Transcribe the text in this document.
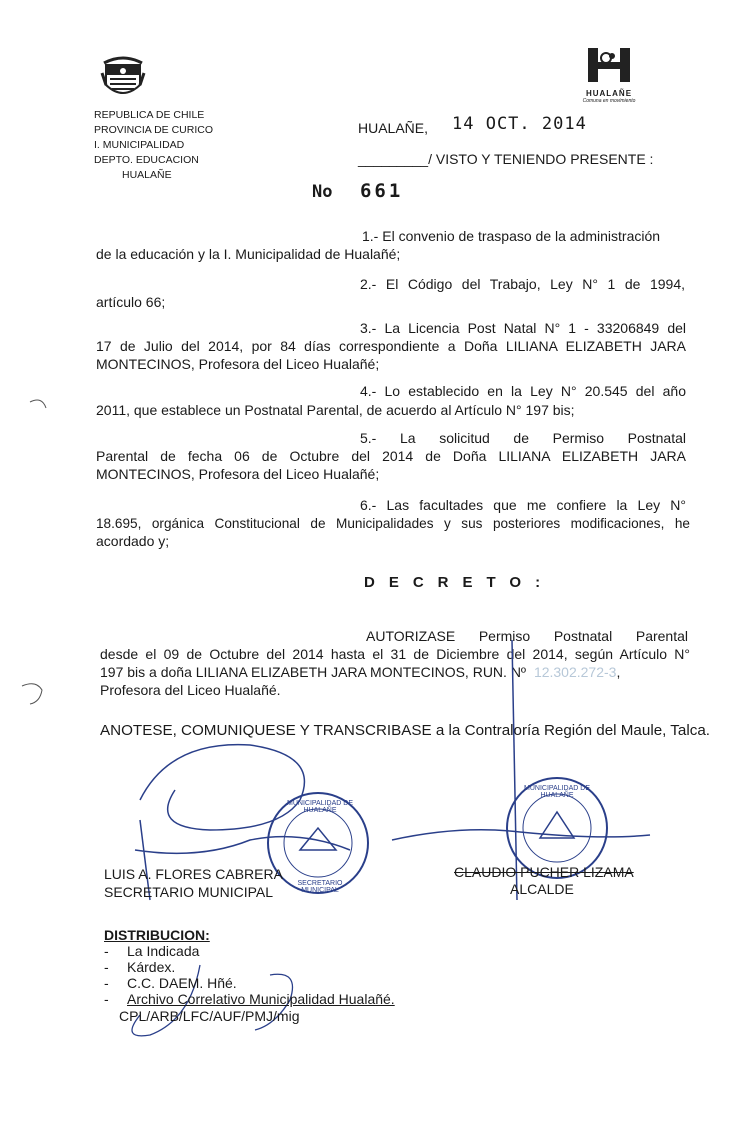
REPUBLICA DE CHILE
PROVINCIA DE CURICO
I. MUNICIPALIDAD
DEPTO. EDUCACION
HUALAÑE
HUALAÑE
Comuna en movimiento
HUALAÑE, 14 OCT. 2014
_________/ VISTO Y TENIENDO PRESENTE :
No 661
1.- El convenio de traspaso de la administración
de la educación y la I. Municipalidad de Hualañé;
2.- El Código del Trabajo, Ley N° 1 de 1994,
artículo 66;
3.- La Licencia Post Natal N° 1 - 33206849 del
17 de Julio del 2014, por 84 días correspondiente a Doña LILIANA ELIZABETH JARA
MONTECINOS, Profesora del Liceo Hualañé;
4.- Lo establecido en la Ley N° 20.545 del año
2011, que establece un Postnatal Parental, de acuerdo al Artículo N° 197 bis;
5.- La solicitud de Permiso Postnatal
Parental de fecha 06 de Octubre del 2014 de Doña LILIANA ELIZABETH JARA
MONTECINOS, Profesora del Liceo Hualañé;
6.- Las facultades que me confiere la Ley N°
18.695, orgánica Constitucional de Municipalidades y sus posteriores modificaciones, he
acordado y;
DECRETO:
AUTORIZASE Permiso Postnatal Parental
desde el 09 de Octubre del 2014 hasta el 31 de Diciembre del 2014, según Artículo N°
197 bis a doña LILIANA ELIZABETH JARA MONTECINOS, RUN. Nº 12.302.272-3,
Profesora del Liceo Hualañé.
ANOTESE, COMUNIQUESE Y TRANSCRIBASE a la Contraloría Región del Maule, Talca.
MUNICIPALIDAD DE HUALAÑE
SECRETARIO MUNICIPAL
MUNICIPALIDAD DE HUALAÑE
LUIS A. FLORES CABRERA
SECRETARIO MUNICIPAL
CLAUDIO PUCHER LIZAMA
ALCALDE
DISTRIBUCION:
- La Indicada
- Kárdex.
- C.C. DAEM. Hñé.
- Archivo Correlativo Municipalidad Hualañé.
CPL/ARB/LFC/AUF/PMJ/mig
